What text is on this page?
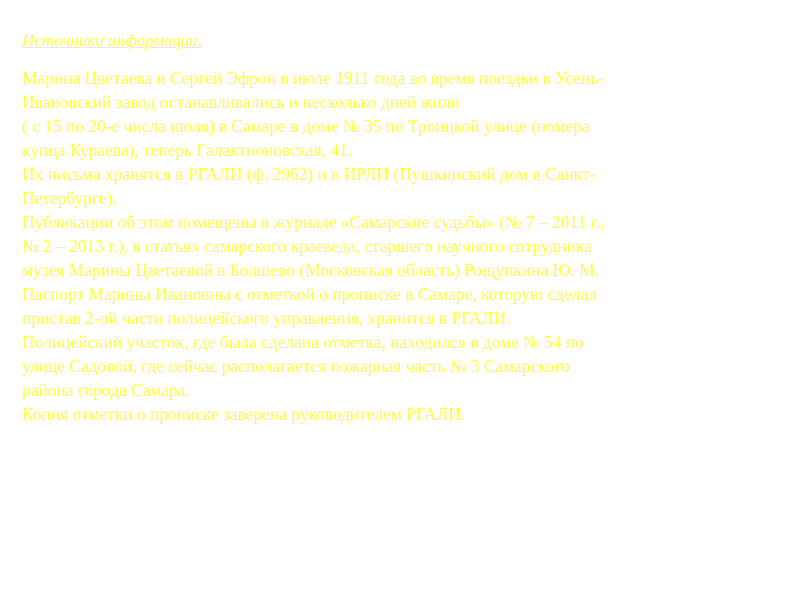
Источники информации.
Марина Цветаева и Сергей Эфрон в июле 1911 года во время поездки в Усень-
Ивановский завод останавливались и несколько дней жили
( с 15 по 20-е числа июля) в Самаре в доме № 35 по Троицкой улице (номера
купца Кураева), теперь Галактионовская, 41.
Их письма хранятся в РГАЛИ (ф. 2962) и в ИРЛИ (Пушкинский дом в Санкт-
Петербурге).
Публикации об этом помещены в журнале «Самарские судьбы» (№ 7 – 2011 г.,
№ 2 – 2013 г.), в статьях самарского краеведа, старшего научного сотрудника
музея Марины Цветаевой в Болшево (Московская область) Рощупкина Ю. М.
Паспорт Марины Ивановны с отметкой о прописке в Самаре, которую сделал
пристав 2-ой части полицейского управления, хранится в РГАЛИ.
Полицейский участок, где была сделана отметка, находился в доме № 54 по
улице Садовой, где сейчас располагается пожарная часть № 3 Самарского
района города Самара.
Копия отметки о прописке заверена руководителем РГАЛИ.
